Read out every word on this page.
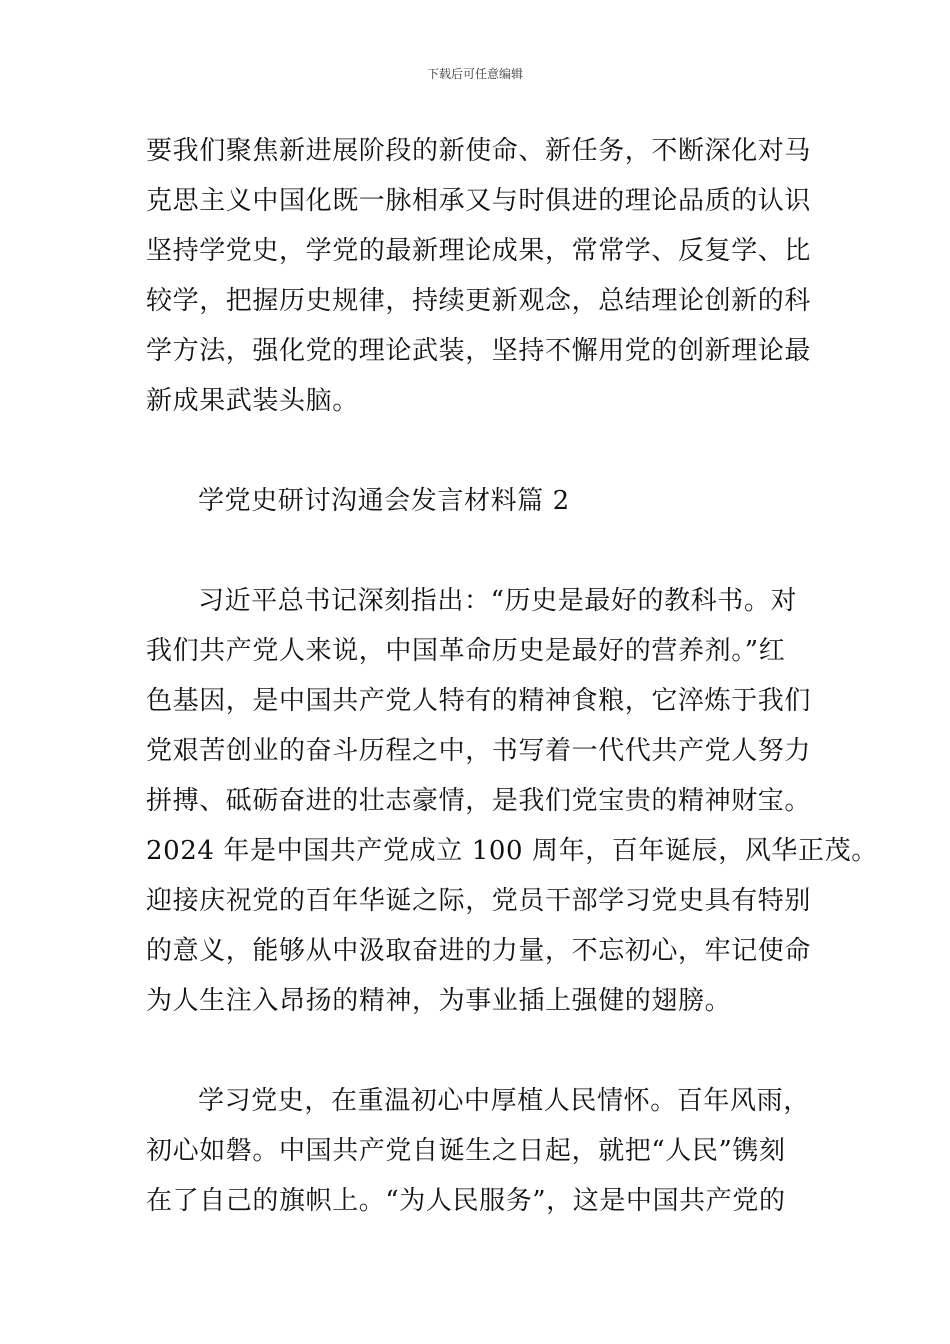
下载后可任意编辑
要我们聚焦新进展阶段的新使命、新任务，不断深化对马
克思主义中国化既一脉相承又与时俱进的理论品质的认识
坚持学党史，学党的最新理论成果，常常学、反复学、比
较学，把握历史规律，持续更新观念，总结理论创新的科
学方法，强化党的理论武装，坚持不懈用党的创新理论最
新成果武装头脑。
学党史研讨沟通会发言材料篇 2
习近平总书记深刻指出：“历史是最好的教科书。对
我们共产党人来说，中国革命历史是最好的营养剂。”红
色基因，是中国共产党人特有的精神食粮，它淬炼于我们
党艰苦创业的奋斗历程之中，书写着一代代共产党人努力
拼搏、砥砺奋进的壮志豪情，是我们党宝贵的精神财宝。
2024 年是中国共产党成立 100 周年，百年诞辰，风华正茂。
迎接庆祝党的百年华诞之际，党员干部学习党史具有特别
的意义，能够从中汲取奋进的力量，不忘初心，牢记使命
为人生注入昂扬的精神，为事业插上强健的翅膀。
学习党史，在重温初心中厚植人民情怀。百年风雨，
初心如磐。中国共产党自诞生之日起，就把“人民”镌刻
在了自己的旗帜上。“为人民服务”，这是中国共产党的
